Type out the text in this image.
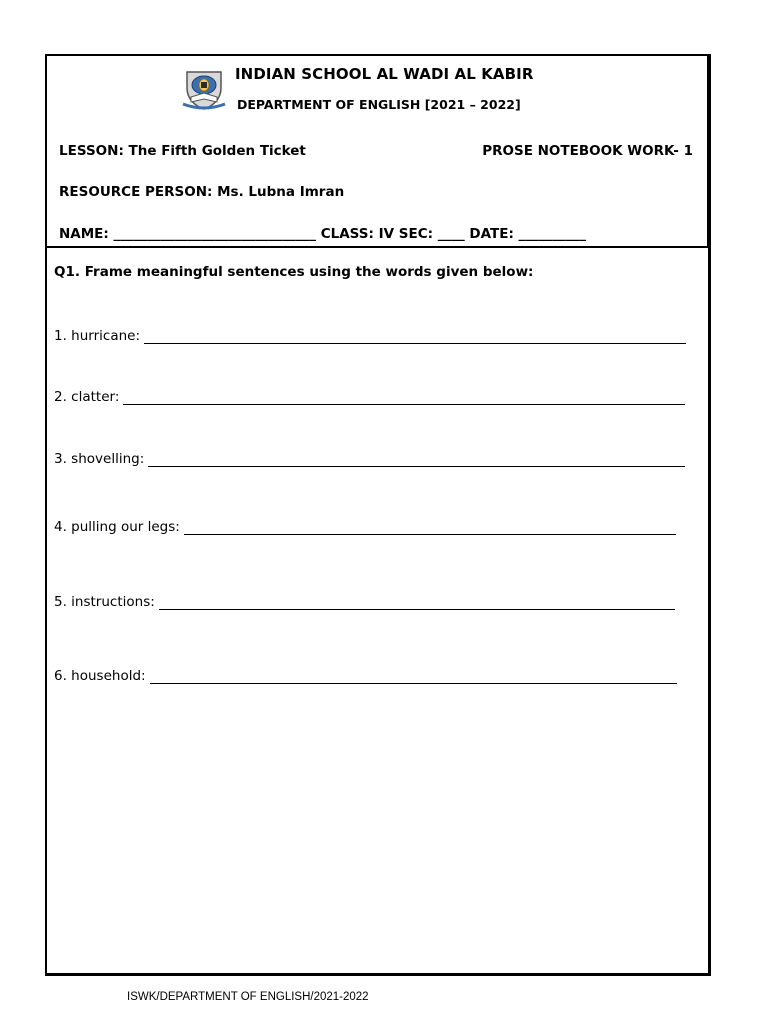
INDIAN SCHOOL AL WADI AL KABIR
DEPARTMENT OF ENGLISH [2021 – 2022]
LESSON: The Fifth Golden Ticket	PROSE NOTEBOOK WORK- 1
RESOURCE PERSON: Ms. Lubna Imran
NAME: ______________________________ CLASS: IV SEC: ____ DATE: __________
Q1. Frame meaningful sentences using the words given below:
1. hurricane:
2. clatter:
3. shovelling:
4. pulling our legs:
5. instructions:
6. household:
ISWK/DEPARTMENT OF ENGLISH/2021-2022
